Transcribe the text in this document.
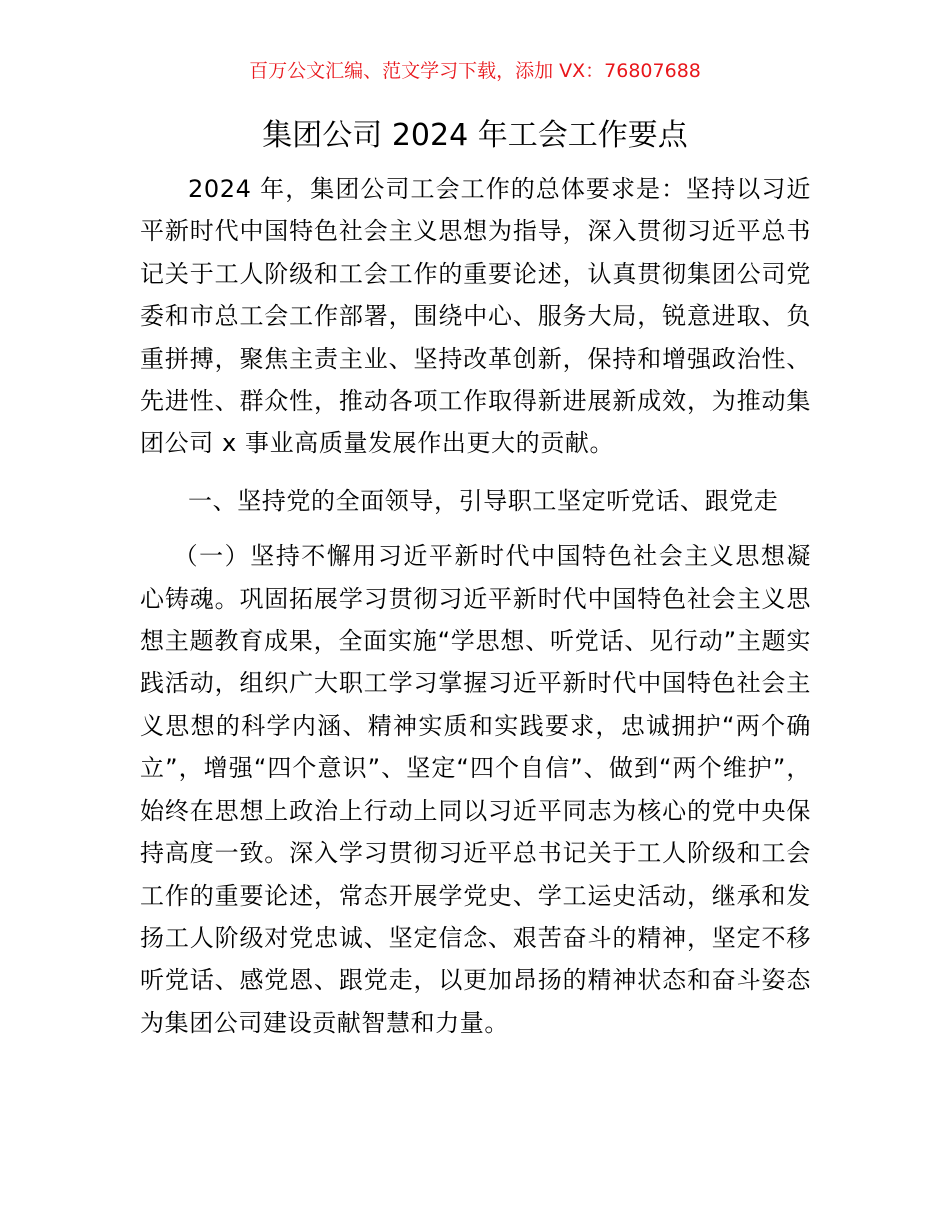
百万公文汇编、范文学习下载，添加 VX：76807688
集团公司 2024 年工会工作要点

2024 年，集团公司工会工作的总体要求是：坚持以习近平新时代中国特色社会主义思想为指导，深入贯彻习近平总书记关于工人阶级和工会工作的重要论述，认真贯彻集团公司党委和市总工会工作部署，围绕中心、服务大局，锐意进取、负重拼搏，聚焦主责主业、坚持改革创新，保持和增强政治性、先进性、群众性，推动各项工作取得新进展新成效，为推动集团公司 x 事业高质量发展作出更大的贡献。

一、坚持党的全面领导，引导职工坚定听党话、跟党走

（一）坚持不懈用习近平新时代中国特色社会主义思想凝心铸魂。巩固拓展学习贯彻习近平新时代中国特色社会主义思想主题教育成果，全面实施“学思想、听党话、见行动”主题实践活动，组织广大职工学习掌握习近平新时代中国特色社会主义思想的科学内涵、精神实质和实践要求，忠诚拥护“两个确立”，增强“四个意识”、坚定“四个自信”、做到“两个维护”，始终在思想上政治上行动上同以习近平同志为核心的党中央保持高度一致。深入学习贯彻习近平总书记关于工人阶级和工会工作的重要论述，常态开展学党史、学工运史活动，继承和发扬工人阶级对党忠诚、坚定信念、艰苦奋斗的精神，坚定不移听党话、感党恩、跟党走，以更加昂扬的精神状态和奋斗姿态为集团公司建设贡献智慧和力量。
